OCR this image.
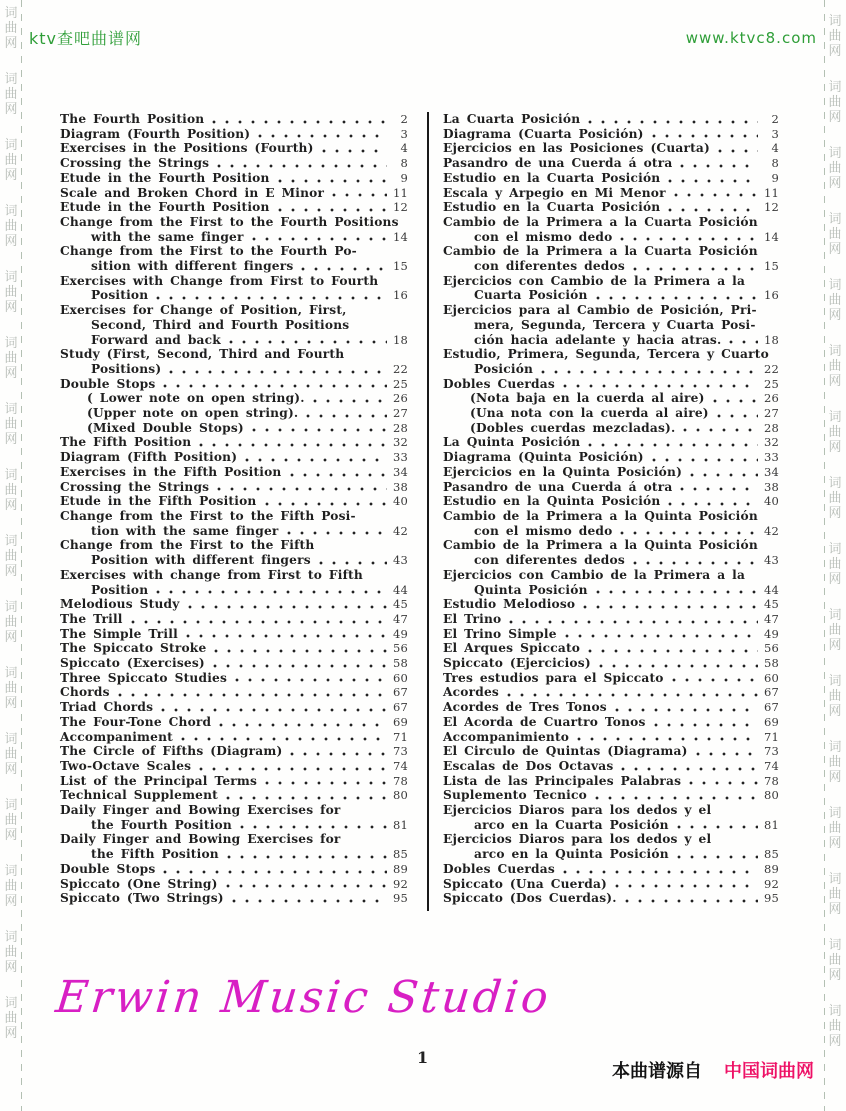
词
曲
网
词
曲
网
词
曲
网
词
曲
网
词
曲
网
词
曲
网
词
曲
网
词
曲
网
词
曲
网
词
曲
网
词
曲
网
词
曲
网
词
曲
网
词
曲
网
词
曲
网
词
曲
网
词
曲
网
词
曲
网
词
曲
网
词
曲
网
词
曲
网
词
曲
网
词
曲
网
词
曲
网
词
曲
网
词
曲
网
词
曲
网
词
曲
网
词
曲
网
词
曲
网
词
曲
网
词
曲
网
ktv查吧曲谱网	www.ktvc8.com
The Fourth Position	2
Diagram (Fourth Position)	3
Exercises in the Positions (Fourth)	4
Crossing the Strings	8
Etude in the Fourth Position	9
Scale and Broken Chord in E Minor	11
Etude in the Fourth Position	12
Change from the First to the Fourth Positions
with the same finger	14
Change from the First to the Fourth Po-
sition with different fingers	15
Exercises with Change from First to Fourth
Position	16
Exercises for Change of Position, First,
Second, Third and Fourth Positions
Forward and back	18
Study (First, Second, Third and Fourth
Positions)	22
Double Stops	25
( Lower note on open string).	26
(Upper note on open string).	27
(Mixed Double Stops)	28
The Fifth Position	32
Diagram (Fifth Position)	33
Exercises in the Fifth Position	34
Crossing the Strings	38
Etude in the Fifth Position	40
Change from the First to the Fifth Posi-
tion with the same finger	42
Change from the First to the Fifth
Position with different fingers	43
Exercises with change from First to Fifth
Position	44
Melodious Study	45
The Trill	47
The Simple Trill	49
The Spiccato Stroke	56
Spiccato (Exercises)	58
Three Spiccato Studies	60
Chords	67
Triad Chords	67
The Four-Tone Chord	69
Accompaniment	71
The Circle of Fifths (Diagram)	73
Two-Octave Scales	74
List of the Principal Terms	78
Technical Supplement	80
Daily Finger and Bowing Exercises for
the Fourth Position	81
Daily Finger and Bowing Exercises for
the Fifth Position	85
Double Stops	89
Spiccato (One String)	92
Spiccato (Two Strings)	95
La Cuarta Posición	2
Diagrama (Cuarta Posición)	3
Ejercicios en las Posiciones (Cuarta)	4
Pasandro de una Cuerda á otra	8
Estudio en la Cuarta Posición	9
Escala y Arpegio en Mi Menor	11
Estudio en la Cuarta Posición	12
Cambio de la Primera a la Cuarta Posición
con el mismo dedo	14
Cambio de la Primera a la Cuarta Posición
con diferentes dedos	15
Ejercicios con Cambio de la Primera a la
Cuarta Posición	16
Ejercicios para al Cambio de Posición, Pri-
mera, Segunda, Tercera y Cuarta Posi-
ción hacia adelante y hacia atras.	18
Estudio, Primera, Segunda, Tercera y Cuarto
Posición	22
Dobles Cuerdas	25
(Nota baja en la cuerda al aire)	26
(Una nota con la cuerda al aire)	27
(Dobles cuerdas mezcladas).	28
La Quinta Posición	32
Diagrama (Quinta Posición)	33
Ejercicios en la Quinta Posición)	34
Pasandro de una Cuerda á otra	38
Estudio en la Quinta Posición	40
Cambio de la Primera a la Quinta Posición
con el mismo dedo	42
Cambio de la Primera a la Quinta Posición
con diferentes dedos	43
Ejercicios con Cambio de la Primera a la
Quinta Posición	44
Estudio Melodioso	45
El Trino	47
El Trino Simple	49
El Arques Spiccato	56
Spiccato (Ejercicios)	58
Tres estudios para el Spiccato	60
Acordes	67
Acordes de Tres Tonos	67
El Acorda de Cuartro Tonos	69
Accompanimiento	71
El Circulo de Quintas (Diagrama)	73
Escalas de Dos Octavas	74
Lista de las Principales Palabras	78
Suplemento Tecnico	80
Ejercicios Diaros para los dedos y el
arco en la Cuarta Posición	81
Ejercicios Diaros para los dedos y el
arco en la Quinta Posición	85
Dobles Cuerdas	89
Spiccato (Una Cuerda)	92
Spiccato (Dos Cuerdas).	95
Erwin Music Studio
1
本曲谱源自 中国词曲网
